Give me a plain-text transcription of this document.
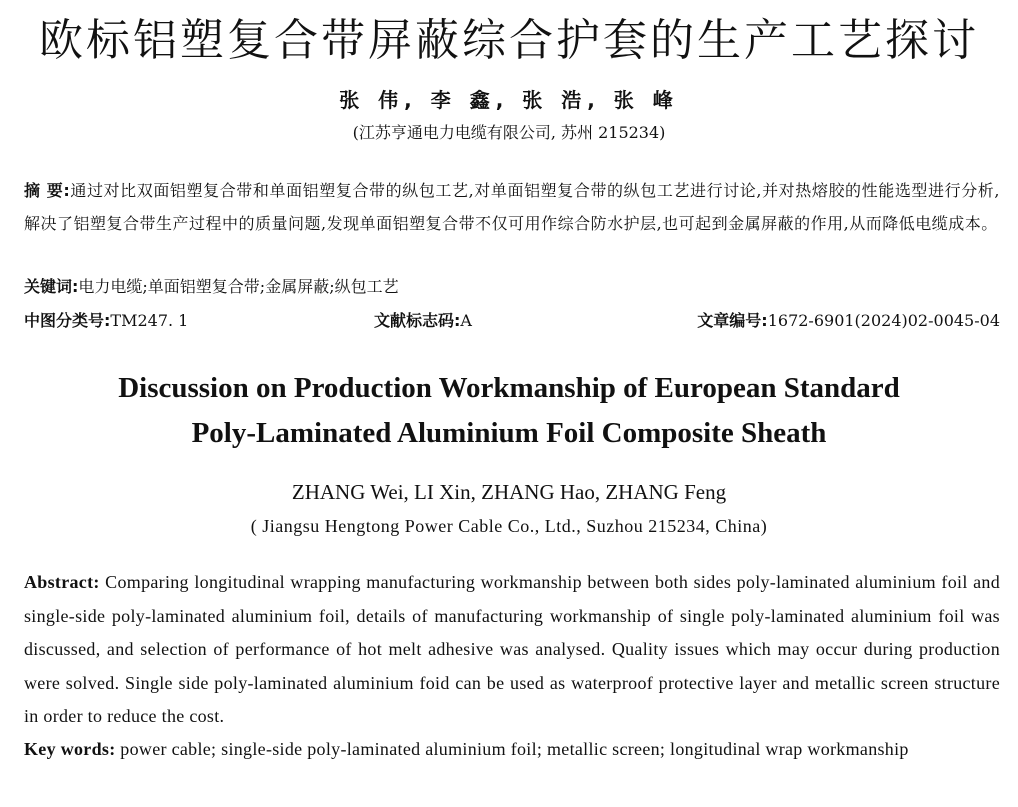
欧标铝塑复合带屏蔽综合护套的生产工艺探讨
张 伟, 李 鑫, 张 浩, 张 峰
(江苏亨通电力电缆有限公司, 苏州 215234)
摘 要:通过对比双面铝塑复合带和单面铝塑复合带的纵包工艺,对单面铝塑复合带的纵包工艺进行讨论,并对热熔胶的性能选型进行分析,解决了铝塑复合带生产过程中的质量问题,发现单面铝塑复合带不仅可用作综合防水护层,也可起到金属屏蔽的作用,从而降低电缆成本。
关键词:电力电缆;单面铝塑复合带;金属屏蔽;纵包工艺
中图分类号:TM247. 1	文献标志码:A	文章编号:1672-6901(2024)02-0045-04
Discussion on Production Workmanship of European Standard
Poly-Laminated Aluminium Foil Composite Sheath
ZHANG Wei, LI Xin, ZHANG Hao, ZHANG Feng
( Jiangsu Hengtong Power Cable Co., Ltd., Suzhou 215234, China)
Abstract: Comparing longitudinal wrapping manufacturing workmanship between both sides poly-laminated aluminium foil and single-side poly-laminated aluminium foil, details of manufacturing workmanship of single poly-laminated aluminium foil was discussed, and selection of performance of hot melt adhesive was analysed. Quality issues which may occur during production were solved. Single side poly-laminated aluminium foid can be used as waterproof protective layer and metallic screen structure in order to reduce the cost.
Key words: power cable; single-side poly-laminated aluminium foil; metallic screen; longitudinal wrap workmanship
